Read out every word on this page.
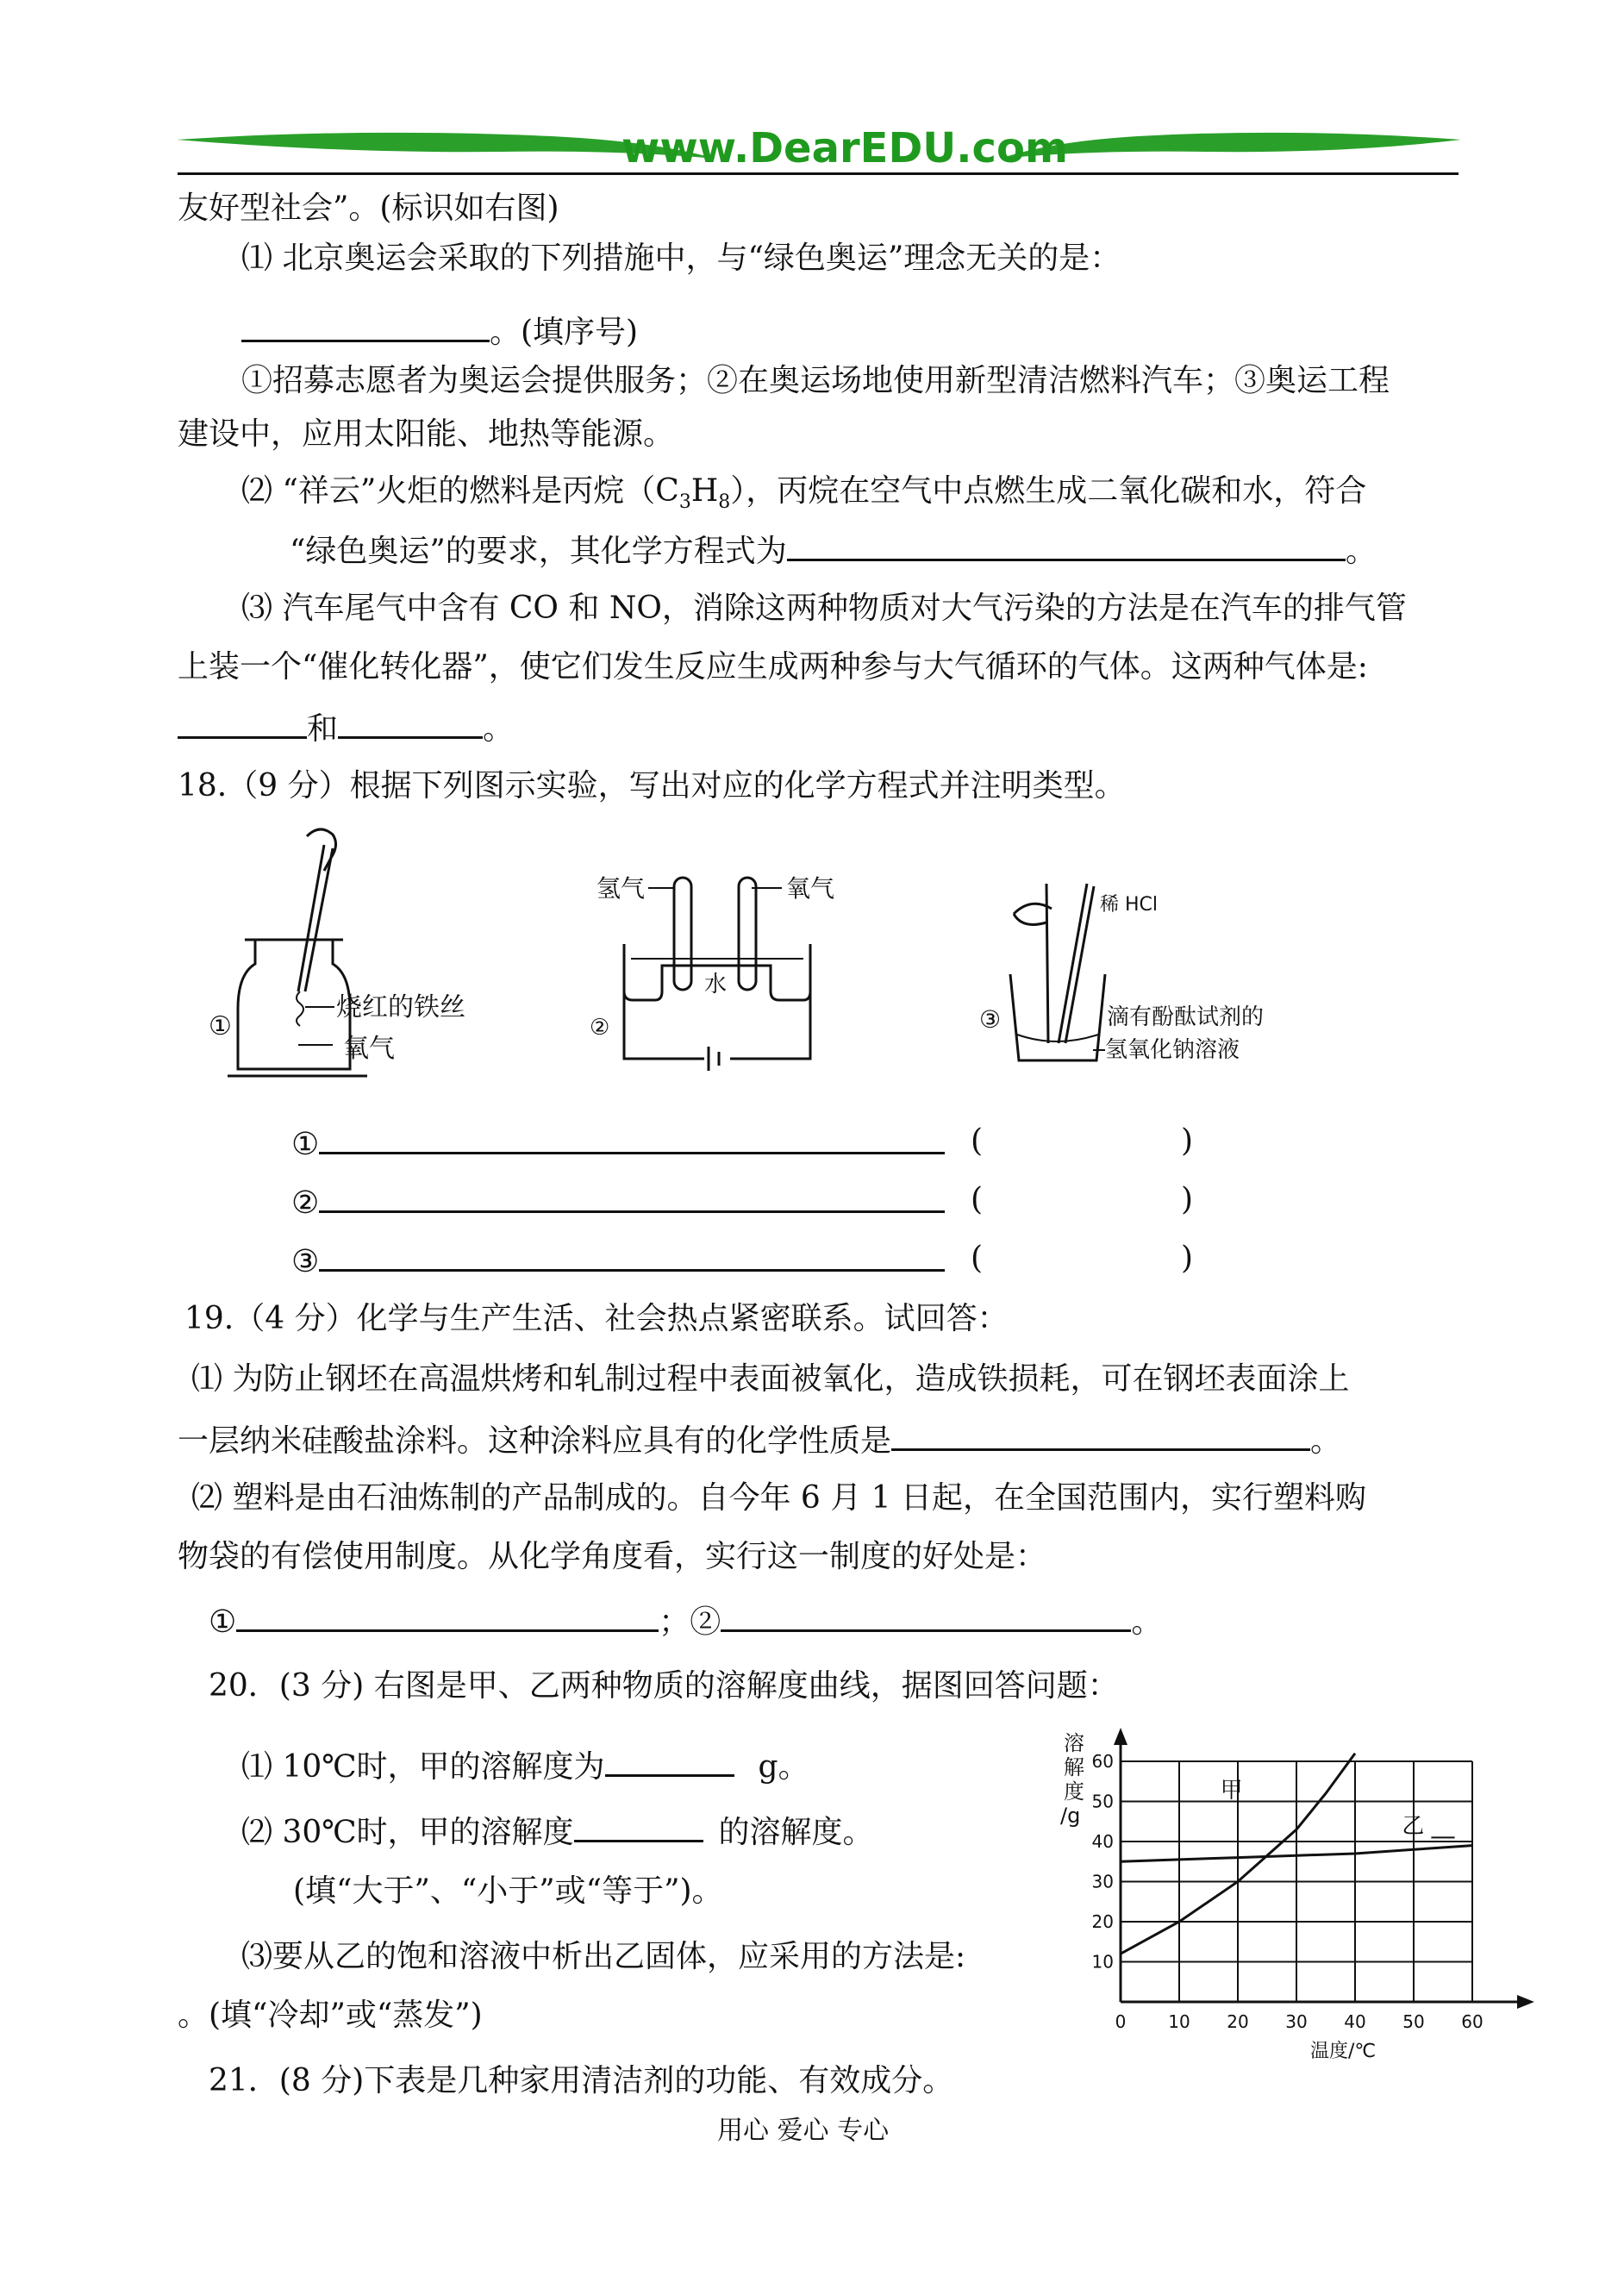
www.DearEDU.com
友好型社会”。(标识如右图)
⑴ 北京奥运会采取的下列措施中，与“绿色奥运”理念无关的是：
。(填序号)
①招募志愿者为奥运会提供服务；②在奥运场地使用新型清洁燃料汽车；③奥运工程
建设中，应用太阳能、地热等能源。
⑵ “祥云”火炬的燃料是丙烷$(C_3H_8)$，丙烷在空气中点燃生成二氧化碳和水，符合
“绿色奥运”的要求，其化学方程式为	。
⑶ 汽车尾气中含有 CO 和 NO，消除这两种物质对大气污染的方法是在汽车的排气管
上装一个“催化转化器”，使它们发生反应生成两种参与大气循环的气体。这两种气体是:
和	。
18.（9 分）根据下列图示实验，写出对应的化学方程式并注明类型。
①
烧红的铁丝
氧气
氢气	氧气
水
②
稀 HCl
③	滴有酚酞试剂的
氢氧化钠溶液
①	(	)
②	(	)
③	(	)
19.（4 分）化学与生产生活、社会热点紧密联系。试回答：
⑴ 为防止钢坯在高温烘烤和轧制过程中表面被氧化，造成铁损耗，可在钢坯表面涂上
一层纳米硅酸盐涂料。这种涂料应具有的化学性质是	。
⑵ 塑料是由石油炼制的产品制成的。自今年 6 月 1 日起，在全国范围内，实行塑料购
物袋的有偿使用制度。从化学角度看，实行这一制度的好处是：
①	；②	。
20．(3 分) 右图是甲、乙两种物质的溶解度曲线，据图回答问题：
⑴ 10℃时，甲的溶解度为	g。
⑵ 30℃时，甲的溶解度	的溶解度。
(填“大于”、“小于”或“等于”)。
⑶要从乙的饱和溶液中析出乙固体，应采用的方法是:
。(填“冷却”或“蒸发”)
溶
解
度
/g
0 10 20 30 40 50 60
10
20
30
40
50
60
甲
乙
温度/℃
21．(8 分)下表是几种家用清洁剂的功能、有效成分。
用心 爱心 专心
